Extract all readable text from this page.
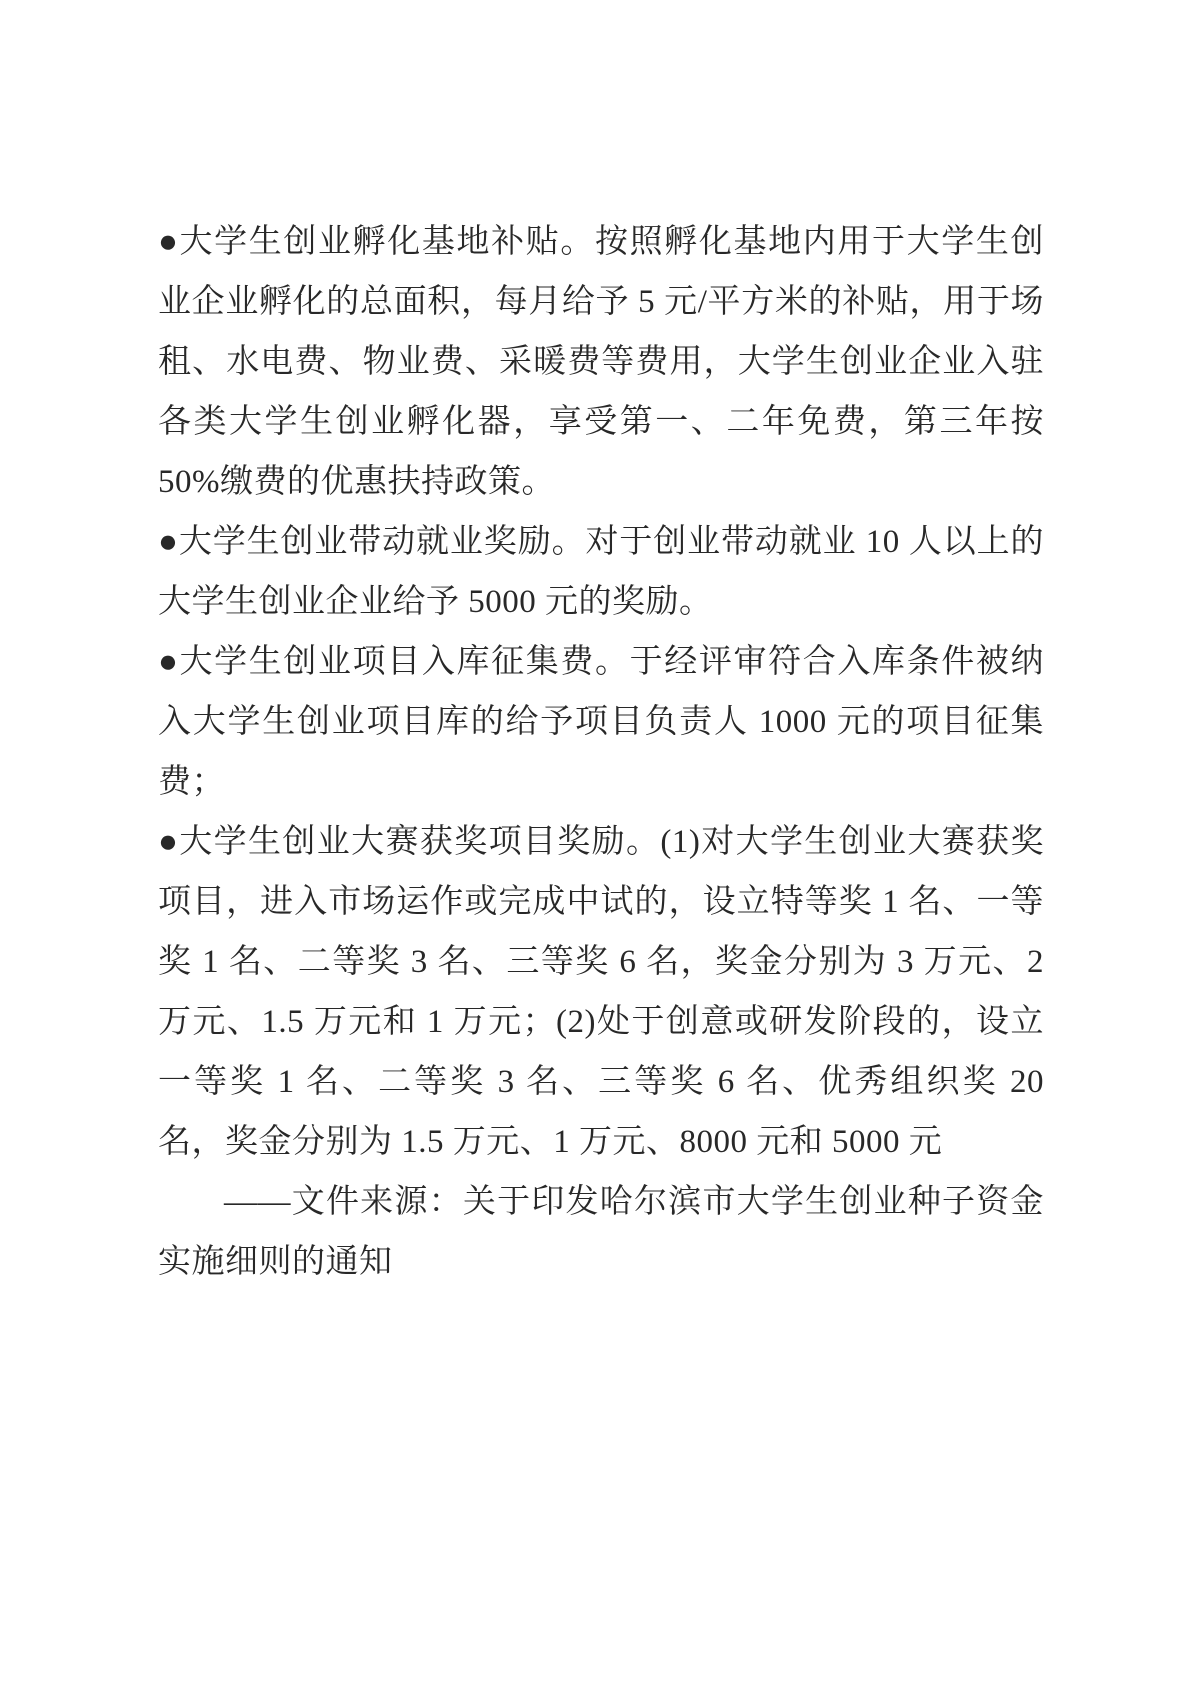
●大学生创业孵化基地补贴。按照孵化基地内用于大学生创业企业孵化的总面积，每月给予 5 元/平方米的补贴，用于场租、水电费、物业费、采暖费等费用，大学生创业企业入驻各类大学生创业孵化器，享受第一、二年免费，第三年按 50%缴费的优惠扶持政策。

●大学生创业带动就业奖励。对于创业带动就业 10 人以上的大学生创业企业给予 5000 元的奖励。

●大学生创业项目入库征集费。于经评审符合入库条件被纳入大学生创业项目库的给予项目负责人 1000 元的项目征集费；

●大学生创业大赛获奖项目奖励。(1)对大学生创业大赛获奖项目，进入市场运作或完成中试的，设立特等奖 1 名、一等奖 1 名、二等奖 3 名、三等奖 6 名，奖金分别为 3 万元、2 万元、1.5 万元和 1 万元；(2)处于创意或研发阶段的，设立一等奖 1 名、二等奖 3 名、三等奖 6 名、优秀组织奖 20 名，奖金分别为 1.5 万元、1 万元、8000 元和 5000 元

——文件来源：关于印发哈尔滨市大学生创业种子资金实施细则的通知
